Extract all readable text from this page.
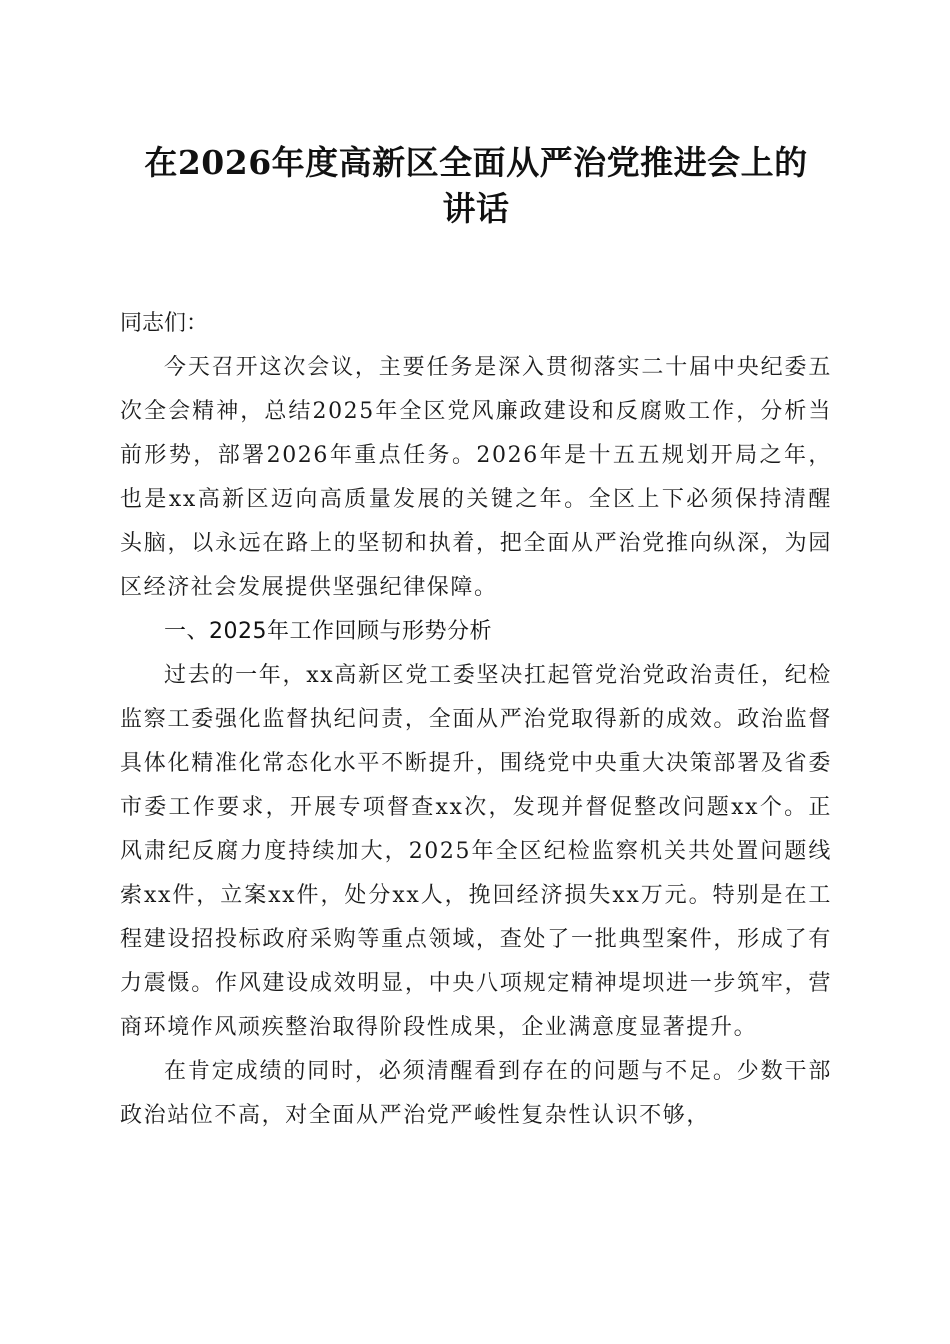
在2026年度高新区全面从严治党推进会上的
讲话

同志们：

今天召开这次会议，主要任务是深入贯彻落实二十届中央纪委五次全会精神，总结2025年全区党风廉政建设和反腐败工作，分析当前形势，部署2026年重点任务。2026年是十五五规划开局之年，也是xx高新区迈向高质量发展的关键之年。全区上下必须保持清醒头脑，以永远在路上的坚韧和执着，把全面从严治党推向纵深，为园区经济社会发展提供坚强纪律保障。

一、2025年工作回顾与形势分析

过去的一年，xx高新区党工委坚决扛起管党治党政治责任，纪检监察工委强化监督执纪问责，全面从严治党取得新的成效。政治监督具体化精准化常态化水平不断提升，围绕党中央重大决策部署及省委市委工作要求，开展专项督查xx次，发现并督促整改问题xx个。正风肃纪反腐力度持续加大，2025年全区纪检监察机关共处置问题线索xx件，立案xx件，处分xx人，挽回经济损失xx万元。特别是在工程建设招投标政府采购等重点领域，查处了一批典型案件，形成了有力震慑。作风建设成效明显，中央八项规定精神堤坝进一步筑牢，营商环境作风顽疾整治取得阶段性成果，企业满意度显著提升。

在肯定成绩的同时，必须清醒看到存在的问题与不足。少数干部政治站位不高，对全面从严治党严峻性复杂性认识不够，
